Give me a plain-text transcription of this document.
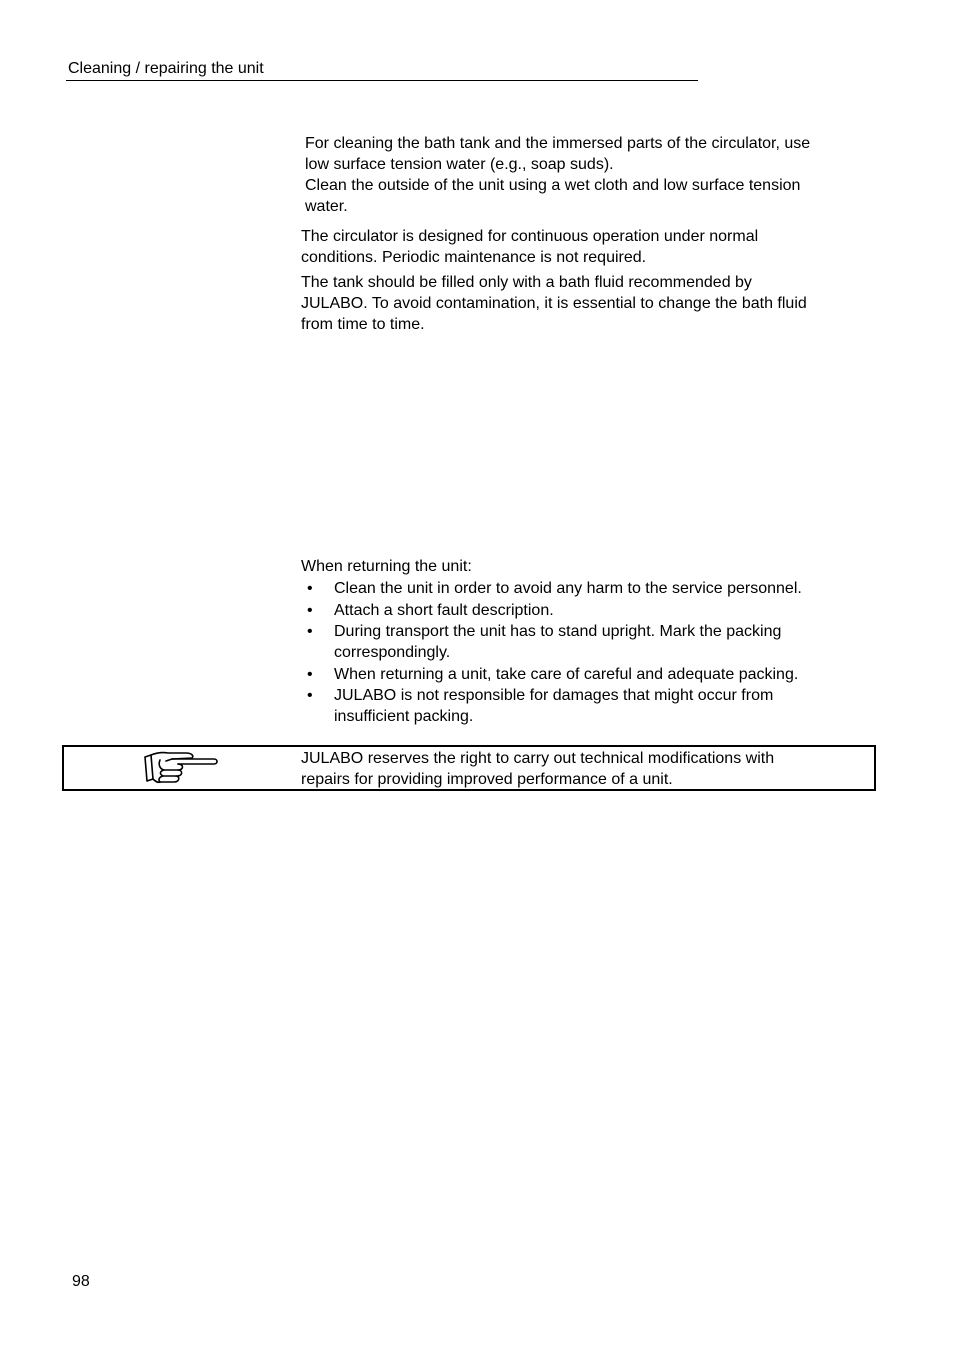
Cleaning / repairing the unit

For cleaning the bath tank and the immersed parts of the circulator, use
low surface tension water (e.g., soap suds).
Clean the outside of the unit using a wet cloth and low surface tension
water.

The circulator is designed for continuous operation under normal
conditions. Periodic maintenance is not required.

The tank should be filled only with a bath fluid recommended by
JULABO. To avoid contamination, it is essential to change the bath fluid
from time to time.

When returning the unit:

• Clean the unit in order to avoid any harm to the service personnel.
• Attach a short fault description.
• During transport the unit has to stand upright. Mark the packing
correspondingly.
• When returning a unit, take care of careful and adequate packing.
• JULABO is not responsible for damages that might occur from
insufficient packing.
JULABO reserves the right to carry out technical modifications with
repairs for providing improved performance of a unit.
98
